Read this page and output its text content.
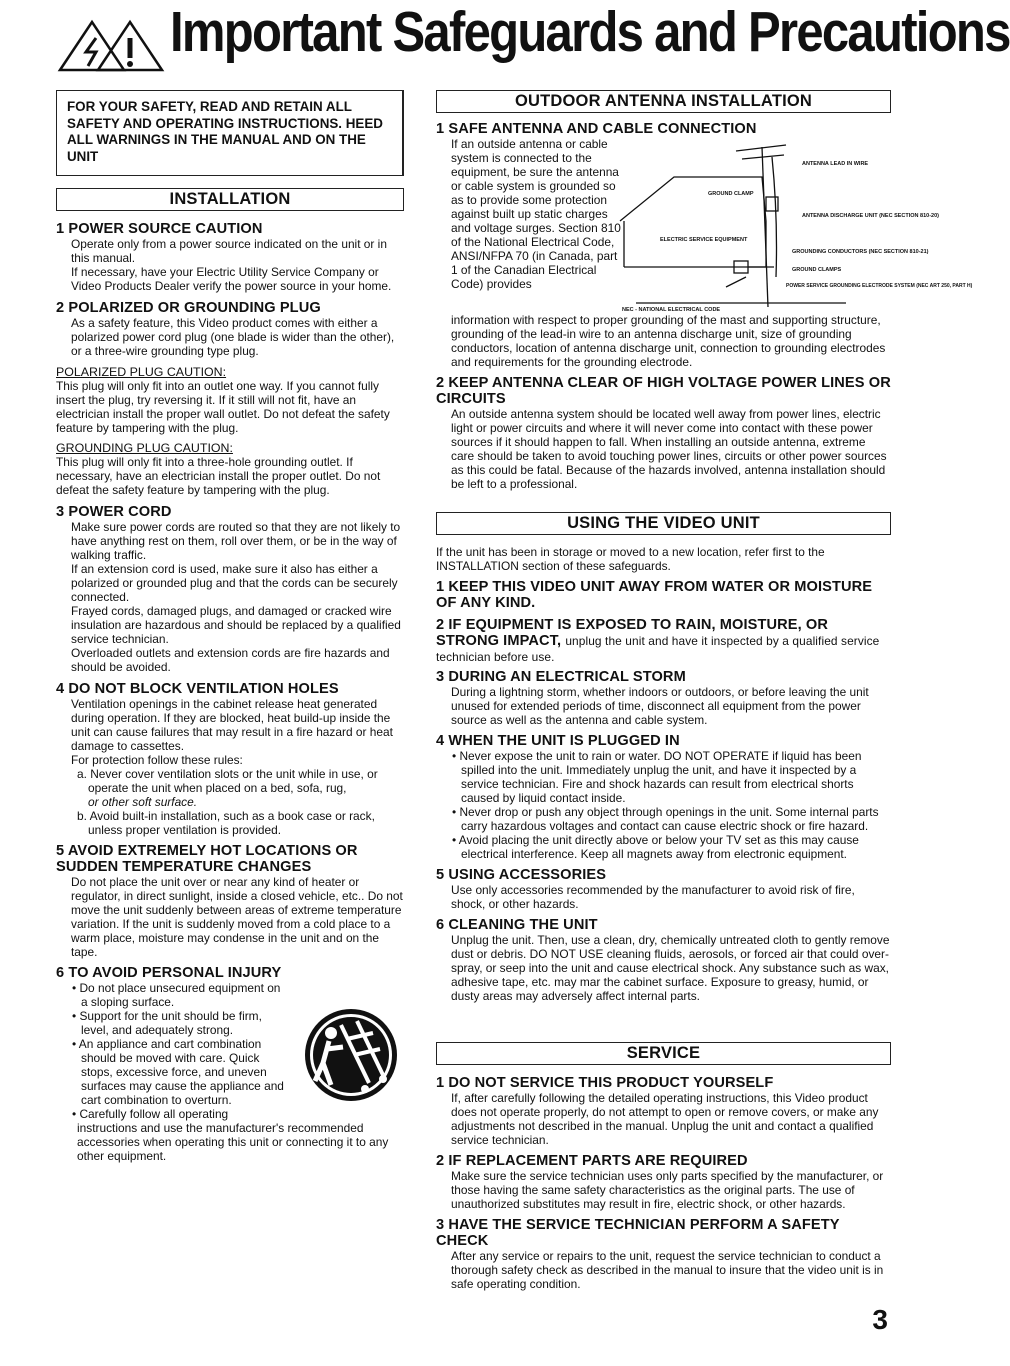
Important Safeguards and Precautions
FOR YOUR SAFETY, READ AND RETAIN ALL SAFETY AND OPERATING INSTRUCTIONS. HEED ALL WARNINGS IN THE MANUAL AND ON THE UNIT
INSTALLATION
1 POWER SOURCE CAUTION

Operate only from a power source indicated on the unit or in this manual.

If necessary, have your Electric Utility Service Company or Video Products Dealer verify the power source in your home.

2 POLARIZED OR GROUNDING PLUG

As a safety feature, this Video product comes with either a polarized power cord plug (one blade is wider than the other), or a three-wire grounding type plug.

POLARIZED PLUG CAUTION:

This plug will only fit into an outlet one way. If you cannot fully insert the plug, try reversing it. If it still will not fit, have an electrician install the proper wall outlet. Do not defeat the safety feature by tampering with the plug.

GROUNDING PLUG CAUTION:

This plug will only fit into a three-hole grounding outlet. If necessary, have an electrician install the proper outlet. Do not defeat the safety feature by tampering with the plug.

3 POWER CORD

Make sure power cords are routed so that they are not likely to have anything rest on them, roll over them, or be in the way of walking traffic.

If an extension cord is used, make sure it also has either a polarized or grounded plug and that the cords can be securely connected.

Frayed cords, damaged plugs, and damaged or cracked wire insulation are hazardous and should be replaced by a qualified service technician.

Overloaded outlets and extension cords are fire hazards and should be avoided.

4 DO NOT BLOCK VENTILATION HOLES

Ventilation openings in the cabinet release heat generated during operation. If they are blocked, heat build-up inside the unit can cause failures that may result in a fire hazard or heat damage to cassettes.

For protection follow these rules:

a. Never cover ventilation slots or the unit while in use, or operate the unit when placed on a bed, sofa, rug,

or other soft surface.

b. Avoid built-in installation, such as a book case or rack, unless proper ventilation is provided.

5 AVOID EXTREMELY HOT LOCATIONS OR SUDDEN TEMPERATURE CHANGES

Do not place the unit over or near any kind of heater or regulator, in direct sunlight, inside a closed vehicle, etc.. Do not move the unit suddenly between areas of extreme temperature variation. If the unit is suddenly moved from a cold place to a warm place, moisture may condense in the unit and on the tape.

6 TO AVOID PERSONAL INJURY

• Do not place unsecured equipment on a sloping surface.

• Support for the unit should be firm, level, and adequately strong.

• An appliance and cart combination should be moved with care. Quick stops, excessive force, and uneven surfaces may cause the appliance and cart combination to overturn.

• Carefully follow all operating

instructions and use the manufacturer's recommended accessories when operating this unit or connecting it to any other equipment.

OUTDOOR ANTENNA INSTALLATION
1 SAFE ANTENNA AND CABLE CONNECTION

If an outside antenna or cable system is connected to the equipment, be sure the antenna or cable system is grounded so as to provide some protection against built up static charges and voltage surges. Section 810 of the National Electrical Code, ANSI/NFPA 70 (in Canada, part 1 of the Canadian Electrical Code) provides

ANTENNA LEAD IN WIRE
GROUND CLAMP
ANTENNA DISCHARGE UNIT (NEC SECTION 810-20)
ELECTRIC SERVICE EQUIPMENT
GROUNDING CONDUCTORS (NEC SECTION 810-21)
GROUND CLAMPS
POWER SERVICE GROUNDING ELECTRODE SYSTEM (NEC ART 250, PART H)
NEC - NATIONAL ELECTRICAL CODE

information with respect to proper grounding of the mast and supporting structure, grounding of the lead-in wire to an antenna discharge unit, size of grounding conductors, location of antenna discharge unit, connection to grounding electrodes and requirements for the grounding electrode.

2 KEEP ANTENNA CLEAR OF HIGH VOLTAGE POWER LINES OR CIRCUITS

An outside antenna system should be located well away from power lines, electric light or power circuits and where it will never come into contact with these power sources if it should happen to fall. When installing an outside antenna, extreme care should be taken to avoid touching power lines, circuits or other power sources as this could be fatal. Because of the hazards involved, antenna installation should be left to a professional.

USING THE VIDEO UNIT

If the unit has been in storage or moved to a new location, refer first to the INSTALLATION section of these safeguards.

1 KEEP THIS VIDEO UNIT AWAY FROM WATER OR MOISTURE OF ANY KIND.
2 IF EQUIPMENT IS EXPOSED TO RAIN, MOISTURE, OR STRONG IMPACT, unplug the unit and have it inspected by a qualified service technician before use.
3 DURING AN ELECTRICAL STORM

During a lightning storm, whether indoors or outdoors, or before leaving the unit unused for extended periods of time, disconnect all equipment from the power source as well as the antenna and cable system.

4 WHEN THE UNIT IS PLUGGED IN

• Never expose the unit to rain or water. DO NOT OPERATE if liquid has been spilled into the unit. Immediately unplug the unit, and have it inspected by a service technician. Fire and shock hazards can result from electrical shorts caused by liquid contact inside.

• Never drop or push any object through openings in the unit. Some internal parts carry hazardous voltages and contact can cause electric shock or fire hazard.

• Avoid placing the unit directly above or below your TV set as this may cause electrical interference. Keep all magnets away from electronic equipment.

5 USING ACCESSORIES

Use only accessories recommended by the manufacturer to avoid risk of fire, shock, or other hazards.

6 CLEANING THE UNIT

Unplug the unit. Then, use a clean, dry, chemically untreated cloth to gently remove dust or debris. DO NOT USE cleaning fluids, aerosols, or forced air that could over-spray, or seep into the unit and cause electrical shock. Any substance such as wax, adhesive tape, etc. may mar the cabinet surface. Exposure to greasy, humid, or dusty areas may adversely affect internal parts.

SERVICE
1 DO NOT SERVICE THIS PRODUCT YOURSELF

If, after carefully following the detailed operating instructions, this Video product does not operate properly, do not attempt to open or remove covers, or make any adjustments not described in the manual. Unplug the unit and contact a qualified service technician.

2 IF REPLACEMENT PARTS ARE REQUIRED

Make sure the service technician uses only parts specified by the manufacturer, or those having the same safety characteristics as the original parts. The use of unauthorized substitutes may result in fire, electric shock, or other hazards.

3 HAVE THE SERVICE TECHNICIAN PERFORM A SAFETY CHECK

After any service or repairs to the unit, request the service technician to conduct a thorough safety check as described in the manual to insure that the video unit is in safe operating condition.

3
